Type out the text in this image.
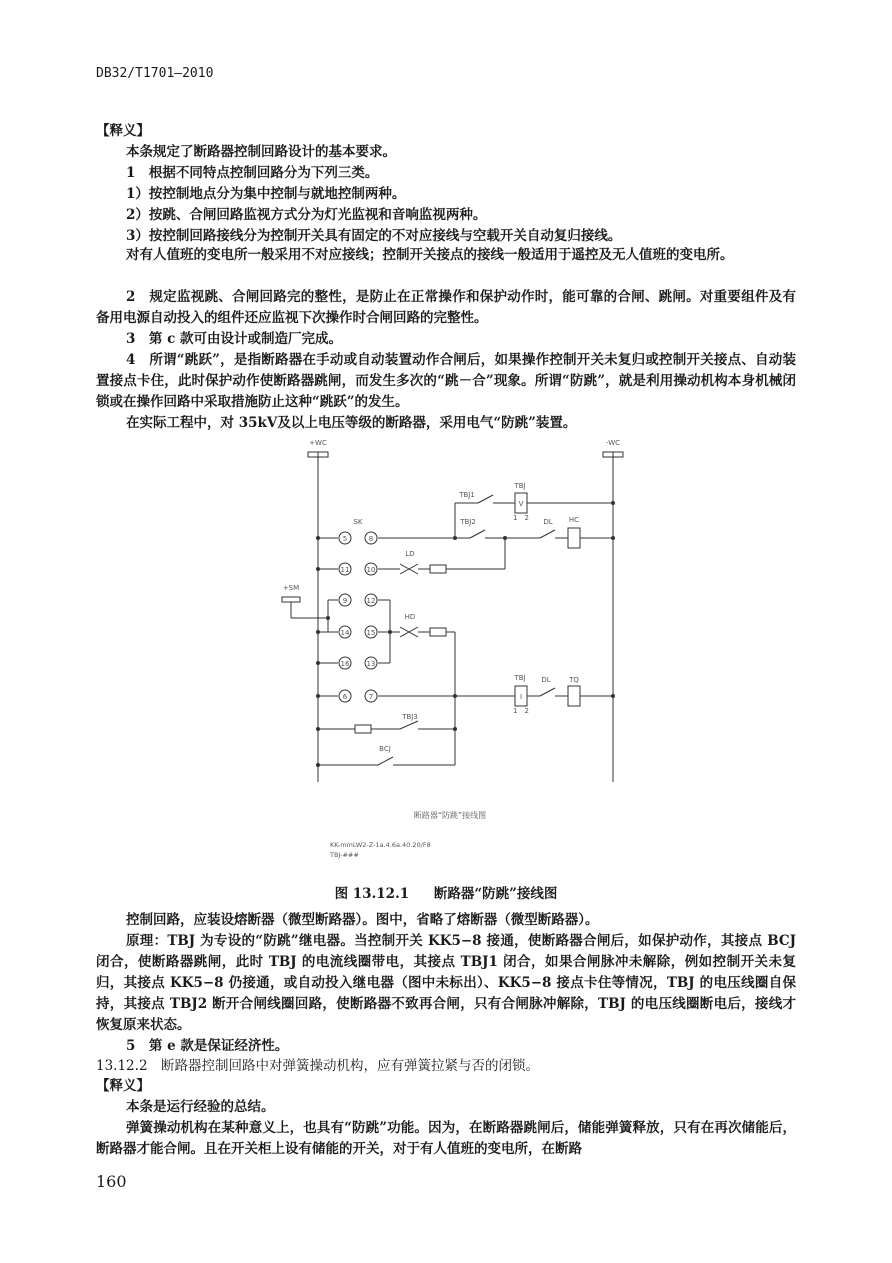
DB32/T1701—2010
【释义】
本条规定了断路器控制回路设计的基本要求。
1　根据不同特点控制回路分为下列三类。
1）按控制地点分为集中控制与就地控制两种。
2）按跳、合闸回路监视方式分为灯光监视和音响监视两种。
3）按控制回路接线分为控制开关具有固定的不对应接线与空载开关自动复归接线。
对有人值班的变电所一般采用不对应接线；控制开关接点的接线一般适用于遥控及无人值班的变电所。
2　规定监视跳、合闸回路完的整性，是防止在正常操作和保护动作时，能可靠的合闸、跳闸。对重要组件及有备用电源自动投入的组件还应监视下次操作时合闸回路的完整性。
3　第 c 款可由设计或制造厂完成。
4　所谓“跳跃”，是指断路器在手动或自动装置动作合闸后，如果操作控制开关未复归或控制开关接点、自动装置接点卡住，此时保护动作使断路器跳闸，而发生多次的“跳－合”现象。所谓“防跳”，就是利用操动机构本身机械闭锁或在操作回路中采取措施防止这种“跳跃”的发生。
在实际工程中，对 35kV及以上电压等级的断路器，采用电气“防跳”装置。
+WC	-WC
+SM
SK
5
11
9
14
16
6
8
10
12
15
13
7
TBJ1
TBJ2
TBJ
V
1　2 DL HC
LD
HD
TBJ
I
1　2
DL	TQ
TBJ3
BCJ
断路器“防跳”接线图
KK-mmLW2-Z-1a.4.6a.40.20/F8
TBJ-###
图 13.12.1 断路器“防跳”接线图
控制回路，应装设熔断器（微型断路器）。图中，省略了熔断器（微型断路器）。
原理：TBJ 为专设的“防跳”继电器。当控制开关 KK5−8 接通，使断路器合闸后，如保护动作，其接点 BCJ 闭合，使断路器跳闸，此时 TBJ 的电流线圈带电，其接点 TBJ1 闭合，如果合闸脉冲未解除，例如控制开关未复归，其接点 KK5−8 仍接通，或自动投入继电器（图中未标出）、KK5−8 接点卡住等情况，TBJ 的电压线圈自保持，其接点 TBJ2 断开合闸线圈回路，使断路器不致再合闸，只有合闸脉冲解除，TBJ 的电压线圈断电后，接线才恢复原来状态。
5　第 e 款是保证经济性。
13.12.2　断路器控制回路中对弹簧操动机构，应有弹簧拉紧与否的闭锁。
【释义】
本条是运行经验的总结。
弹簧操动机构在某种意义上，也具有“防跳”功能。因为，在断路器跳闸后，储能弹簧释放，只有在再次储能后，断路器才能合闸。且在开关柜上设有储能的开关，对于有人值班的变电所，在断路
160
